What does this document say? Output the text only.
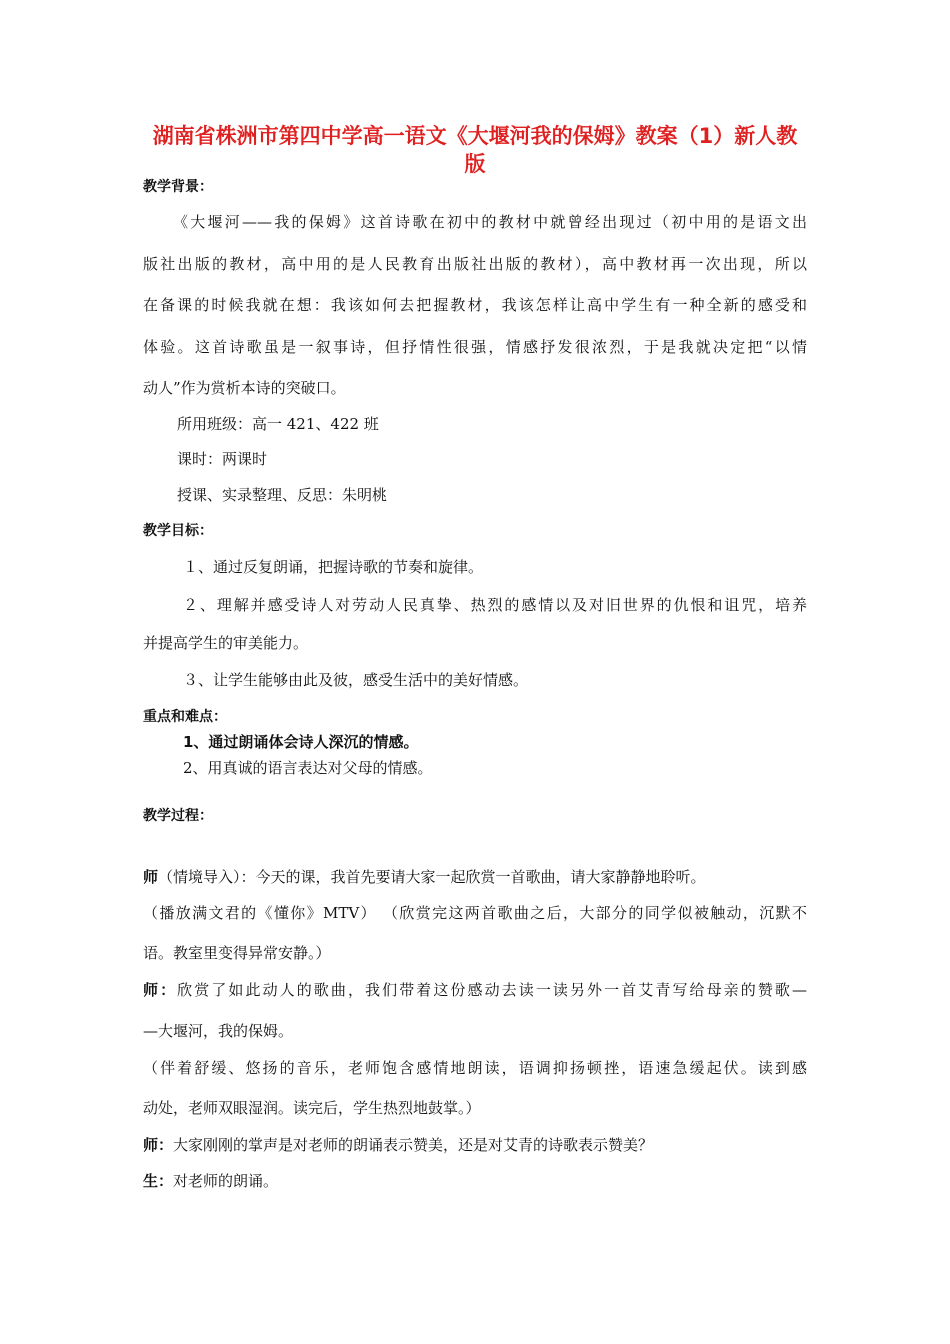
湖南省株洲市第四中学高一语文《大堰河我的保姆》教案（1）新人教版
教学背景：
《大堰河——我的保姆》这首诗歌在初中的教材中就曾经出现过（初中用的是语文出
版社出版的教材，高中用的是人民教育出版社出版的教材），高中教材再一次出现，所以
在备课的时候我就在想：我该如何去把握教材，我该怎样让高中学生有一种全新的感受和
体验。这首诗歌虽是一叙事诗，但抒情性很强，情感抒发很浓烈，于是我就决定把“以情
动人”作为赏析本诗的突破口。
所用班级：高一 421、422 班
课时：两课时
授课、实录整理、反思：朱明桃
教学目标：
１、通过反复朗诵，把握诗歌的节奏和旋律。
２、理解并感受诗人对劳动人民真挚、热烈的感情以及对旧世界的仇恨和诅咒，培养
并提高学生的审美能力。
３、让学生能够由此及彼，感受生活中的美好情感。
重点和难点：
1、通过朗诵体会诗人深沉的情感。
2、用真诚的语言表达对父母的情感。
教学过程：
师（情境导入）：今天的课，我首先要请大家一起欣赏一首歌曲，请大家静静地聆听。
（播放满文君的《懂你》MTV） （欣赏完这两首歌曲之后，大部分的同学似被触动，沉默不
语。教室里变得异常安静。）
师：欣赏了如此动人的歌曲，我们带着这份感动去读一读另外一首艾青写给母亲的赞歌—
—大堰河，我的保姆。
（伴着舒缓、悠扬的音乐，老师饱含感情地朗读，语调抑扬顿挫，语速急缓起伏。读到感
动处，老师双眼湿润。读完后，学生热烈地鼓掌。）
师：大家刚刚的掌声是对老师的朗诵表示赞美，还是对艾青的诗歌表示赞美？
生：对老师的朗诵。
